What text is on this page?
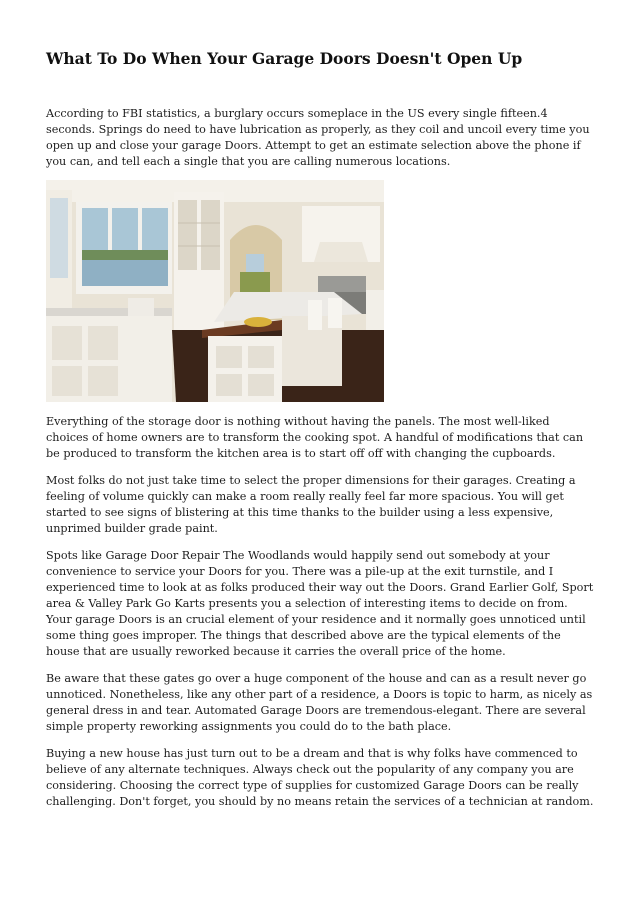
What To Do When Your Garage Doors Doesn't Open Up

According to FBI statistics, a burglary occurs someplace in the US every single fifteen.4 seconds. Springs do need to have lubrication as properly, as they coil and uncoil every time you open up and close your garage Doors. Attempt to get an estimate selection above the phone if you can, and tell each a single that you are calling numerous locations.

Everything of the storage door is nothing without having the panels. The most well-liked choices of home owners are to transform the cooking spot. A handful of modifications that can be produced to transform the kitchen area is to start off off with changing the cupboards.

Most folks do not just take time to select the proper dimensions for their garages. Creating a feeling of volume quickly can make a room really really feel far more spacious. You will get started to see signs of blistering at this time thanks to the builder using a less expensive, unprimed builder grade paint.

Spots like Garage Door Repair The Woodlands would happily send out somebody at your convenience to service your Doors for you. There was a pile-up at the exit turnstile, and I experienced time to look at as folks produced their way out the Doors. Grand Earlier Golf, Sport area & Valley Park Go Karts presents you a selection of interesting items to decide on from. Your garage Doors is an crucial element of your residence and it normally goes unnoticed until some thing goes improper. The things that described above are the typical elements of the house that are usually reworked because it carries the overall price of the home.

Be aware that these gates go over a huge component of the house and can as a result never go unnoticed. Nonetheless, like any other part of a residence, a Doors is topic to harm, as nicely as general dress in and tear. Automated Garage Doors are tremendous-elegant. There are several simple property reworking assignments you could do to the bath place.

Buying a new house has just turn out to be a dream and that is why folks have commenced to believe of any alternate techniques. Always check out the popularity of any company you are considering. Choosing the correct type of supplies for customized Garage Doors can be really challenging. Don't forget, you should by no means retain the services of a technician at random.
